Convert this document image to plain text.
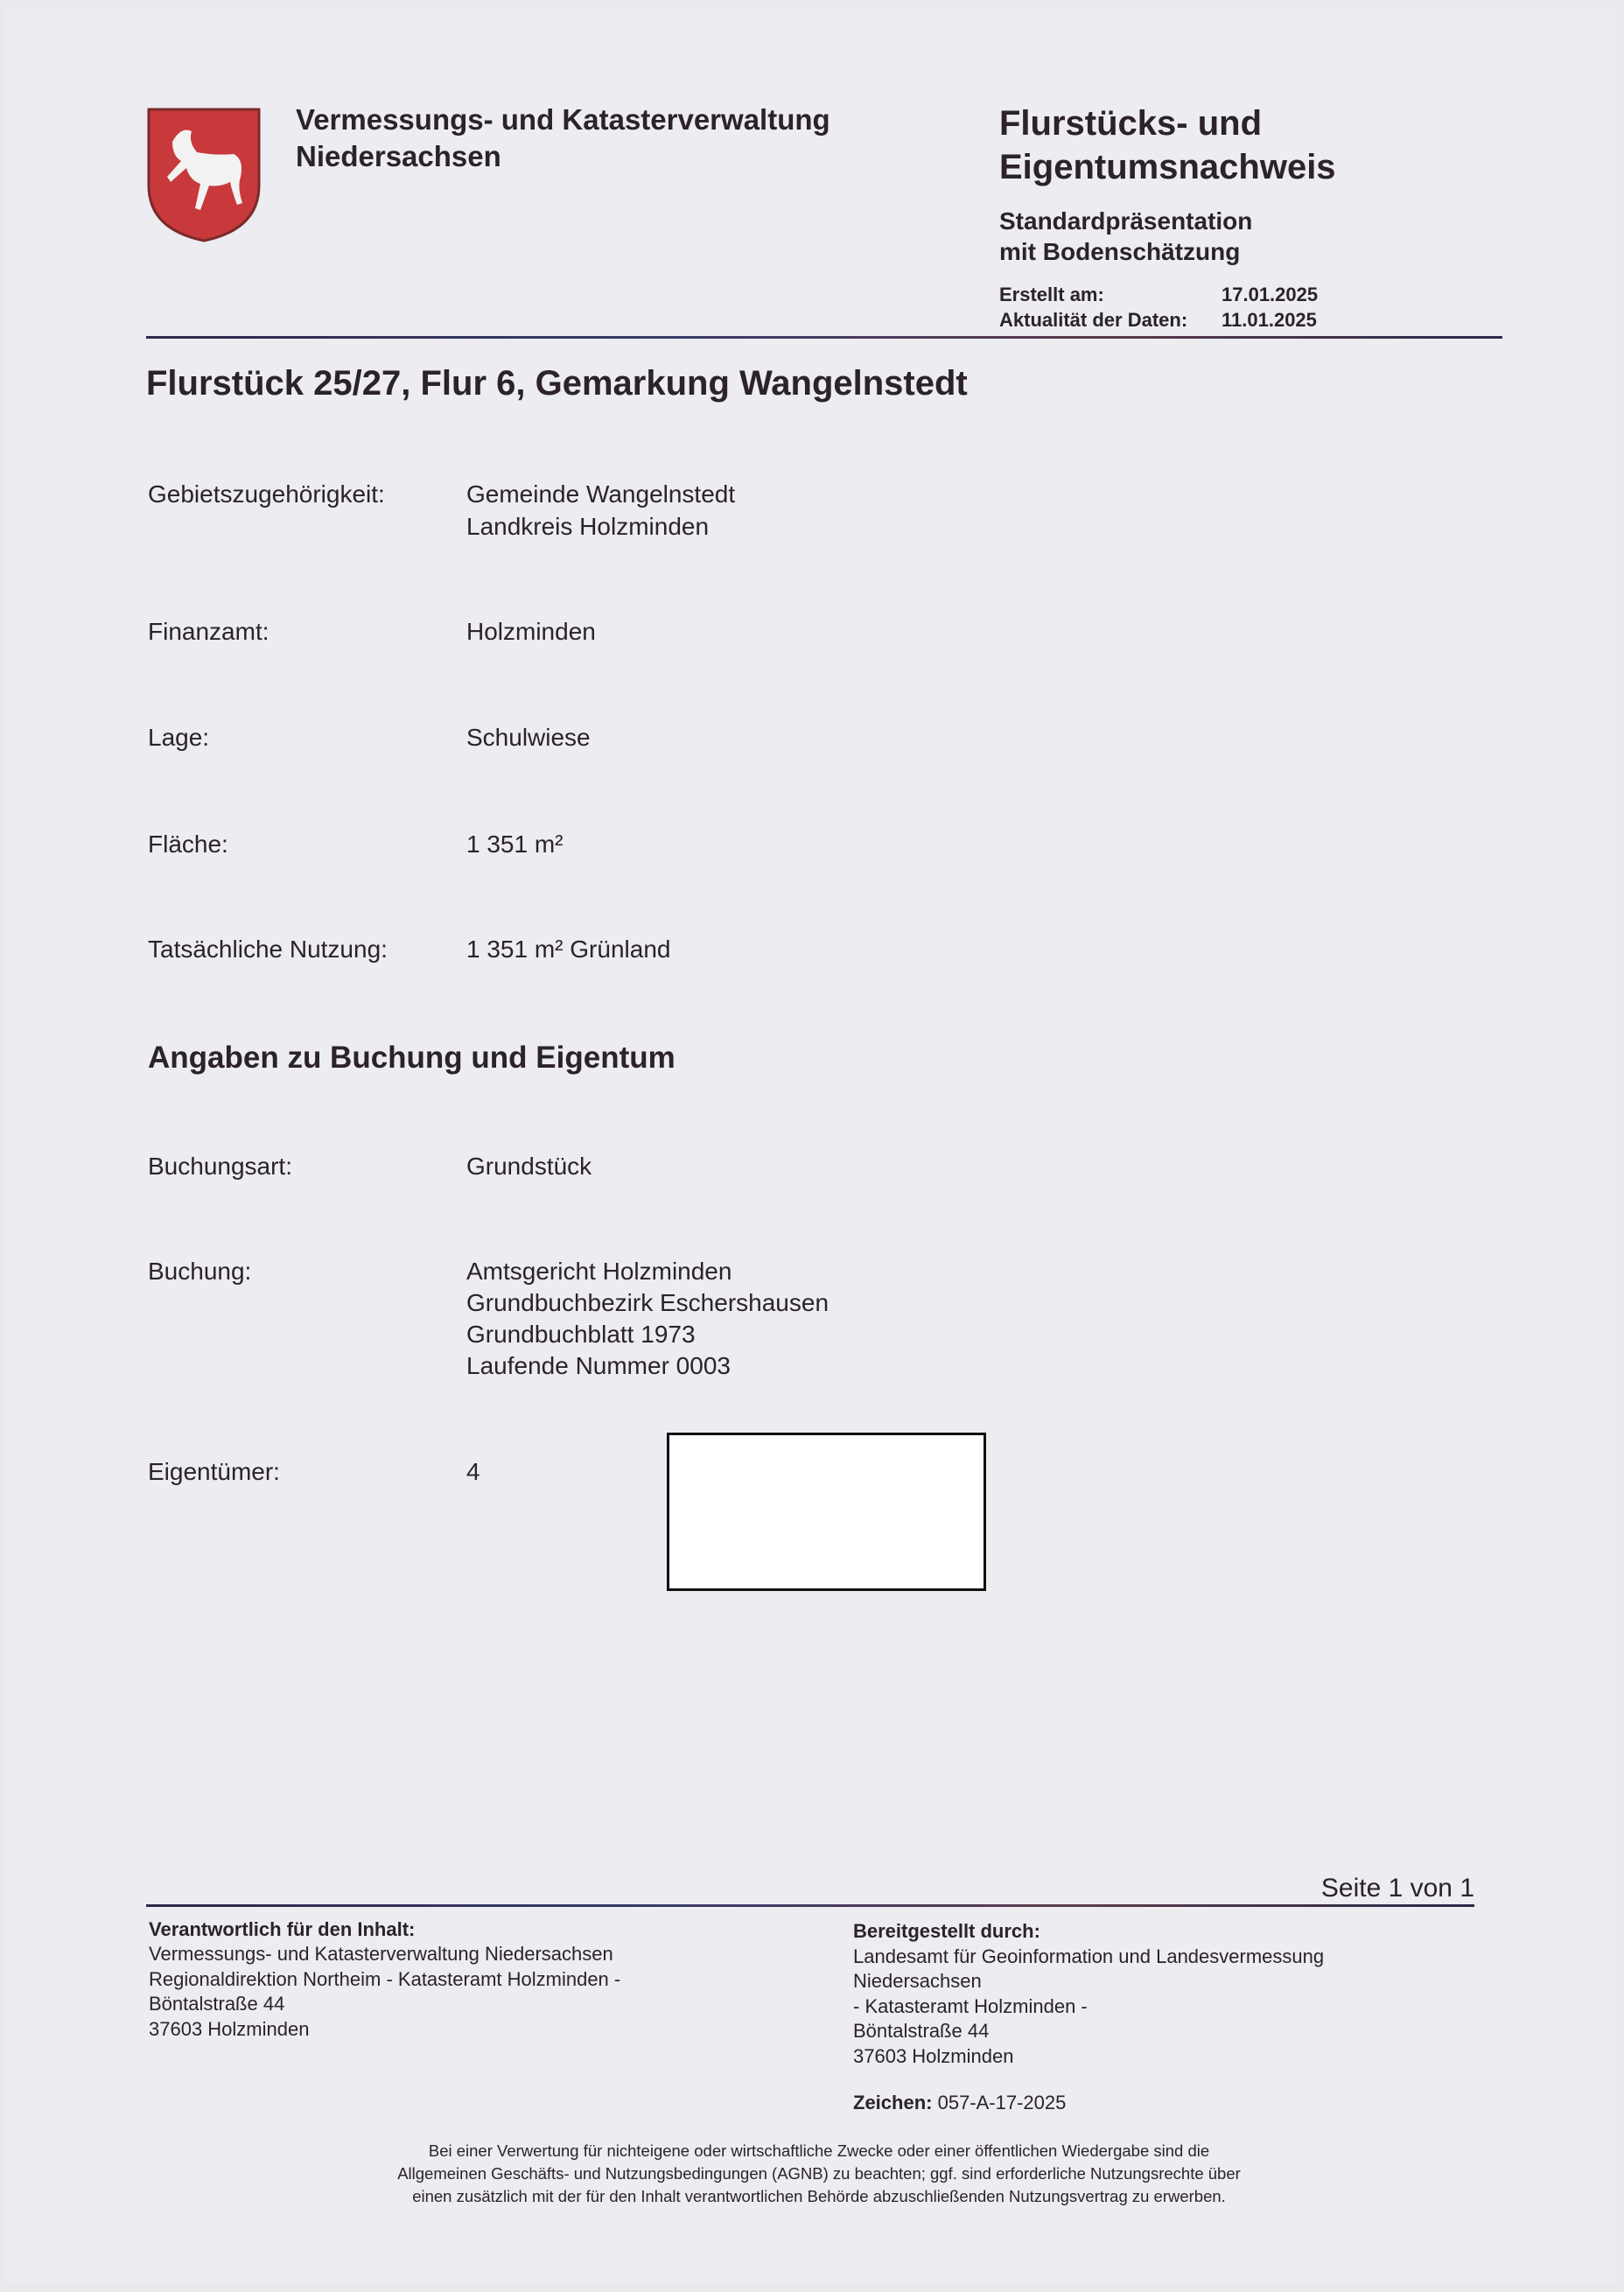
Vermessungs- und Katasterverwaltung
Niedersachsen
Flurstücks- und
Eigentumsnachweis
Standardpräsentation
mit Bodenschätzung
Erstellt am:	17.01.2025
Aktualität der Daten: 11.01.2025
Flurstück 25/27, Flur 6, Gemarkung Wangelnstedt
Gebietszugehörigkeit:	Gemeinde Wangelnstedt
Landkreis Holzminden
Finanzamt:	Holzminden
Lage:	Schulwiese
Fläche:	1 351 m²
Tatsächliche Nutzung:	1 351 m² Grünland
Angaben zu Buchung und Eigentum
Buchungsart:	Grundstück
Buchung:	Amtsgericht Holzminden
Grundbuchbezirk Eschershausen
Grundbuchblatt 1973
Laufende Nummer 0003
Eigentümer:	4
Seite 1 von 1
Verantwortlich für den Inhalt:
Vermessungs- und Katasterverwaltung Niedersachsen
Regionaldirektion Northeim - Katasteramt Holzminden -
Böntalstraße 44
37603 Holzminden
Bereitgestellt durch:
Landesamt für Geoinformation und Landesvermessung
Niedersachsen
- Katasteramt Holzminden -
Böntalstraße 44
37603 Holzminden
Zeichen: 057-A-17-2025
Bei einer Verwertung für nichteigene oder wirtschaftliche Zwecke oder einer öffentlichen Wiedergabe sind die
Allgemeinen Geschäfts- und Nutzungsbedingungen (AGNB) zu beachten; ggf. sind erforderliche Nutzungsrechte über
einen zusätzlich mit der für den Inhalt verantwortlichen Behörde abzuschließenden Nutzungsvertrag zu erwerben.
